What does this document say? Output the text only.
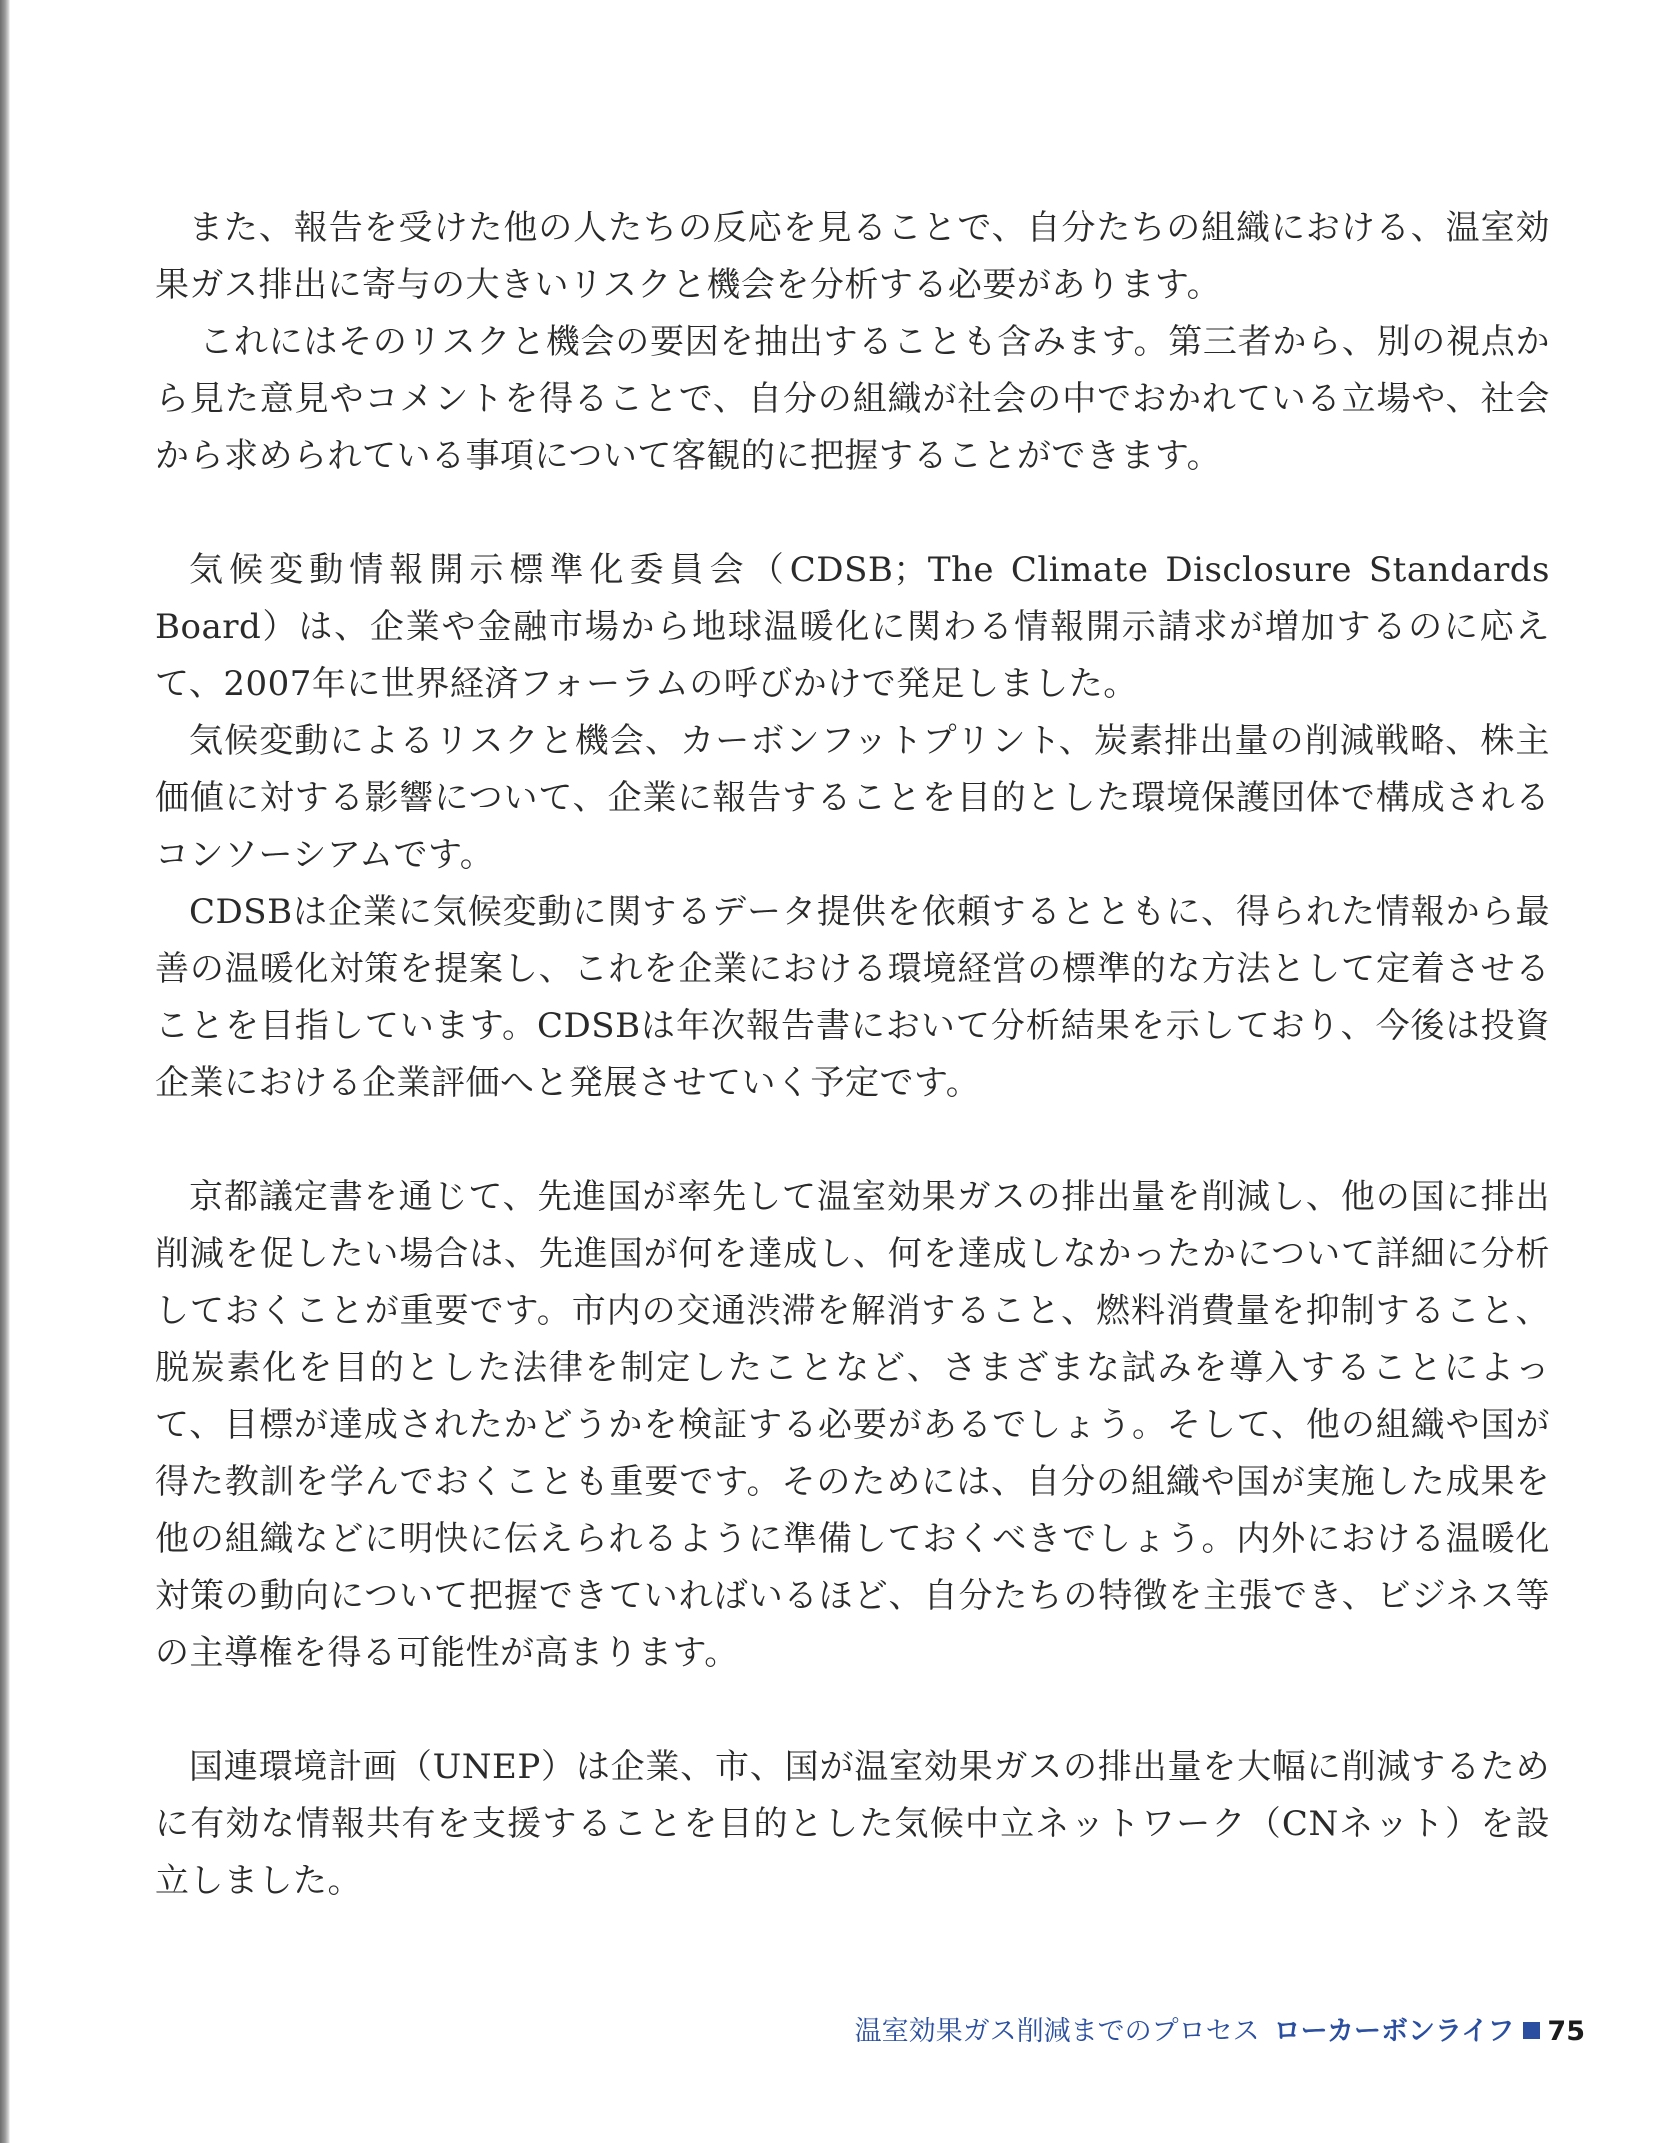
また、報告を受けた他の人たちの反応を見ることで、自分たちの組織における、温室効果ガス排出に寄与の大きいリスクと機会を分析する必要があります。

これにはそのリスクと機会の要因を抽出することも含みます。第三者から、別の視点から見た意見やコメントを得ることで、自分の組織が社会の中でおかれている立場や、社会から求められている事項について客観的に把握することができます。

気候変動情報開示標準化委員会（CDSB；The Climate Disclosure Standards Board）は、企業や金融市場から地球温暖化に関わる情報開示請求が増加するのに応えて、2007年に世界経済フォーラムの呼びかけで発足しました。

気候変動によるリスクと機会、カーボンフットプリント、炭素排出量の削減戦略、株主価値に対する影響について、企業に報告することを目的とした環境保護団体で構成されるコンソーシアムです。

CDSBは企業に気候変動に関するデータ提供を依頼するとともに、得られた情報から最善の温暖化対策を提案し、これを企業における環境経営の標準的な方法として定着させることを目指しています。CDSBは年次報告書において分析結果を示しており、今後は投資企業における企業評価へと発展させていく予定です。

京都議定書を通じて、先進国が率先して温室効果ガスの排出量を削減し、他の国に排出削減を促したい場合は、先進国が何を達成し、何を達成しなかったかについて詳細に分析しておくことが重要です。市内の交通渋滞を解消すること、燃料消費量を抑制すること、脱炭素化を目的とした法律を制定したことなど、さまざまな試みを導入することによって、目標が達成されたかどうかを検証する必要があるでしょう。そして、他の組織や国が得た教訓を学んでおくことも重要です。そのためには、自分の組織や国が実施した成果を他の組織などに明快に伝えられるように準備しておくべきでしょう。内外における温暖化対策の動向について把握できていればいるほど、自分たちの特徴を主張でき、ビジネス等の主導権を得る可能性が高まります。

国連環境計画（UNEP）は企業、市、国が温室効果ガスの排出量を大幅に削減するために有効な情報共有を支援することを目的とした気候中立ネットワーク（CNネット）を設立しました。

温室効果ガス削減までのプロセス ローカーボンライフ 75
